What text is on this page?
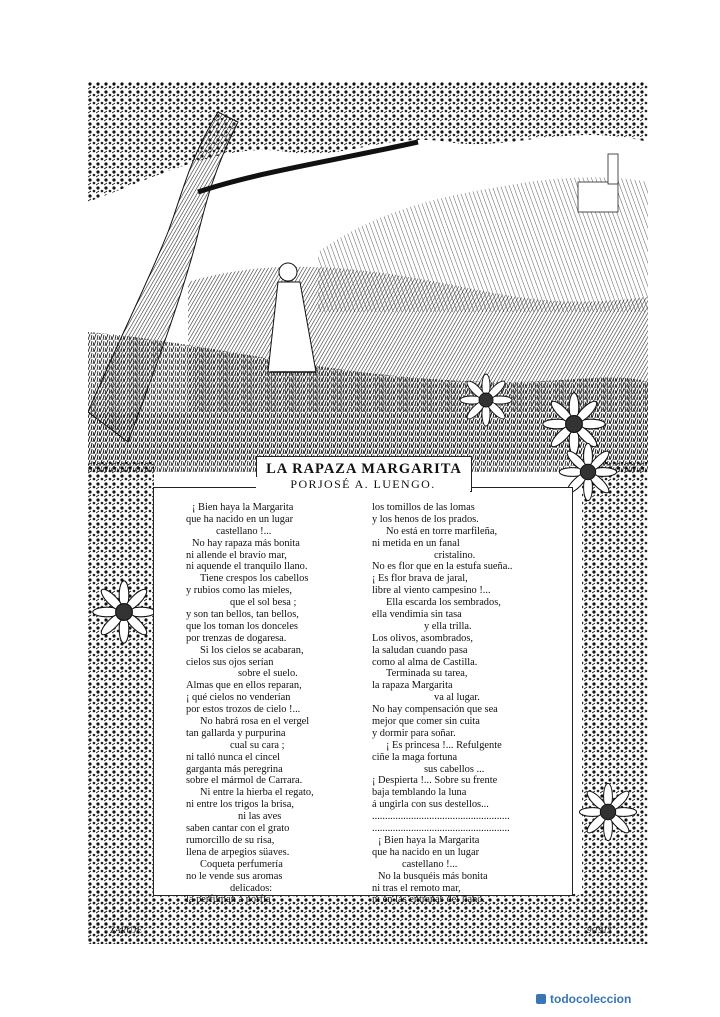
LA RAPAZA MARGARITA
PORJOSÉ A. LUENGO.
¡ Bien haya la Margarita
que ha nacido en un lugar
castellano !...
No hay rapaza más bonita
ni allende el bravío mar,
ni aquende el tranquilo llano.
Tiene crespos los cabellos
y rubios como las mieles,
que el sol besa ;
y son tan bellos, tan bellos,
que los toman los donceles
por trenzas de dogaresa.
Si los cielos se acabaran,
cielos sus ojos serían
sobre el suelo.
Almas que en ellos reparan,
¡ qué cielos no venderían
por estos trozos de cielo !...
No habrá rosa en el vergel
tan gallarda y purpurina
cual su cara ;
ni talló nunca el cincel
garganta más peregrina
sobre el mármol de Carrara.
Ni entre la hierba el regato,
ni entre los trigos la brisa,
ni las aves
saben cantar con el grato
rumorcillo de su risa,
llena de arpegios süaves.
Coqueta perfumería
no le vende sus aromas
delicados:
la perfuman á porfía
los tomillos de las lomas
y los henos de los prados.
No está en torre marfileña,
ni metida en un fanal
cristalino.
No es flor que en la estufa sueña..
¡ Es flor brava de jaral,
libre al viento campesino !...
Ella escarda los sembrados,
ella vendimia sin tasa
y ella trilla.
Los olivos, asombrados,
la saludan cuando pasa
como al alma de Castilla.
Terminada su tarea,
la rapaza Margarita
va al lugar.
No hay compensación que sea
mejor que comer sin cuita
y dormir para soñar.
¡ Es princesa !... Refulgente
ciñe la maga fortuna
sus cabellos ...
¡ Despierta !... Sobre su frente
baja temblando la luna
á ungirla con sus destellos...
.....................................................
.....................................................
¡ Bien haya la Margarita
que ha nacido en un lugar
castellano !...
No la busquéis más bonita
ni tras el remoto mar,
ni en las entrañas del llano.
ZARUJE	9·1913
todocoleccion
